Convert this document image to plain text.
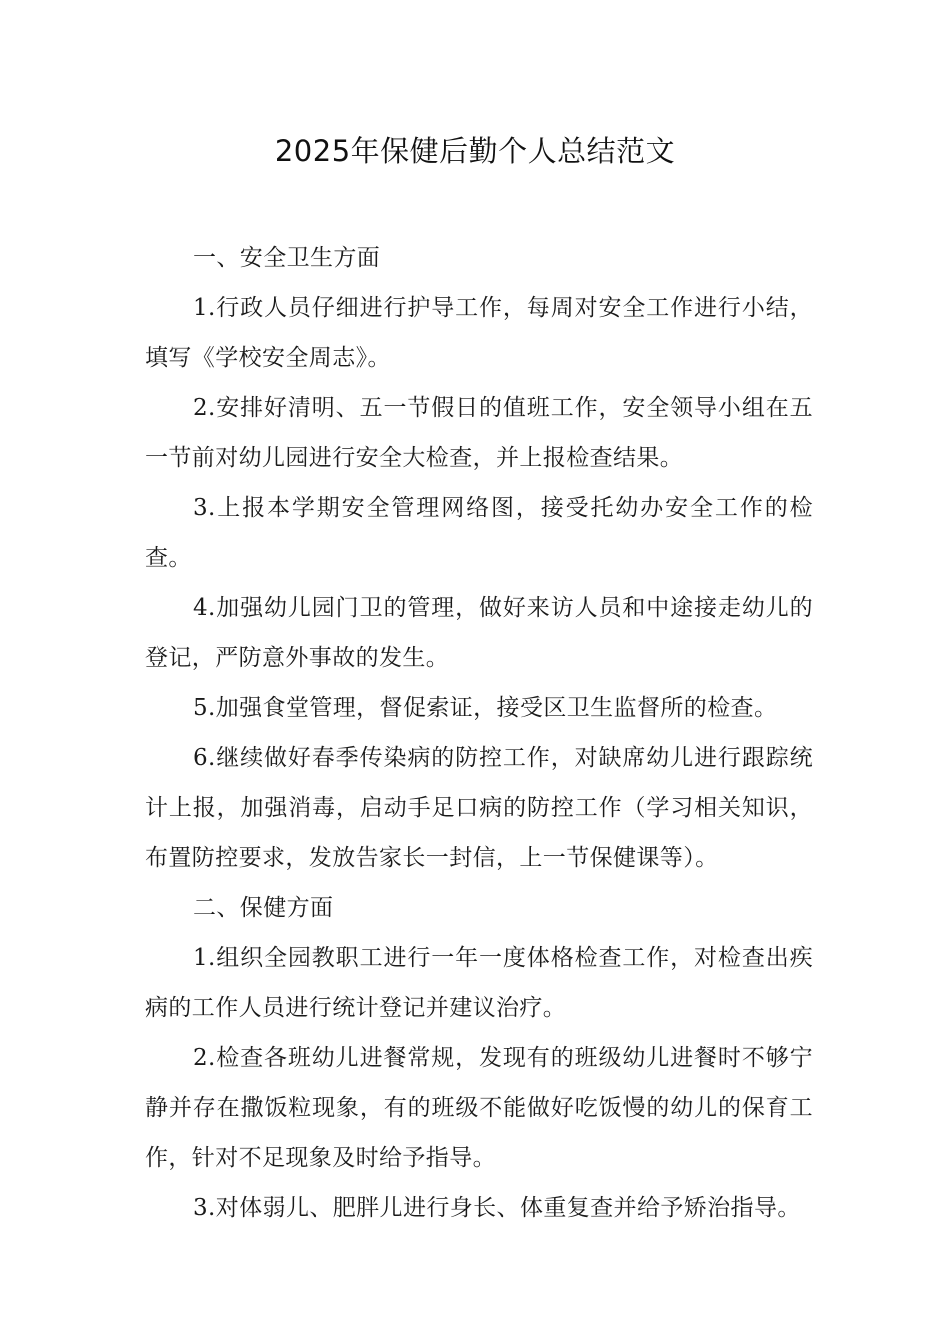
2025年保健后勤个人总结范文

一、安全卫生方面

1.行政人员仔细进行护导工作，每周对安全工作进行小结，填写《学校安全周志》。

2.安排好清明、五一节假日的值班工作，安全领导小组在五一节前对幼儿园进行安全大检查，并上报检查结果。

3.上报本学期安全管理网络图，接受托幼办安全工作的检查。

4.加强幼儿园门卫的管理，做好来访人员和中途接走幼儿的登记，严防意外事故的发生。

5.加强食堂管理，督促索证，接受区卫生监督所的检查。

6.继续做好春季传染病的防控工作，对缺席幼儿进行跟踪统计上报，加强消毒，启动手足口病的防控工作（学习相关知识，布置防控要求，发放告家长一封信，上一节保健课等）。

二、保健方面

1.组织全园教职工进行一年一度体格检查工作，对检查出疾病的工作人员进行统计登记并建议治疗。

2.检查各班幼儿进餐常规，发现有的班级幼儿进餐时不够宁静并存在撒饭粒现象，有的班级不能做好吃饭慢的幼儿的保育工作，针对不足现象及时给予指导。

3.对体弱儿、肥胖儿进行身长、体重复查并给予矫治指导。
